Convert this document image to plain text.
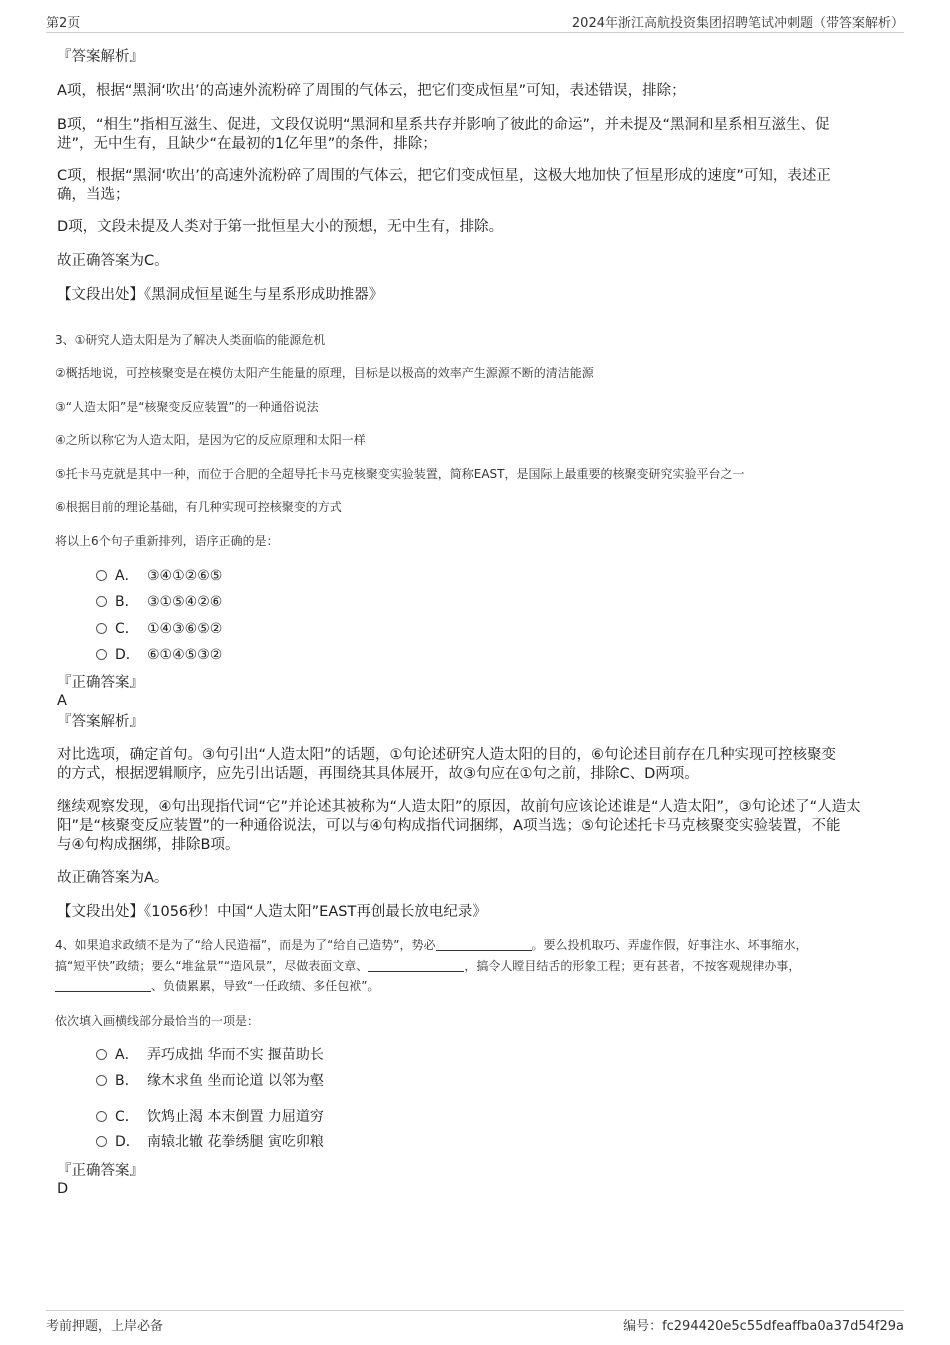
第2页	2024年浙江高航投资集团招聘笔试冲刺题（带答案解析）
『答案解析』
A项，根据“黑洞‘吹出’的高速外流粉碎了周围的气体云，把它们变成恒星”可知，表述错误，排除；
B项，“相生”指相互滋生、促进，文段仅说明“黑洞和星系共存并影响了彼此的命运”，并未提及“黑洞和星系相互滋生、促
进”，无中生有，且缺少“在最初的1亿年里”的条件，排除；
C项，根据“黑洞‘吹出’的高速外流粉碎了周围的气体云，把它们变成恒星，这极大地加快了恒星形成的速度”可知，表述正
确，当选；
D项，文段未提及人类对于第一批恒星大小的预想，无中生有，排除。
故正确答案为C。
【文段出处】《黑洞成恒星诞生与星系形成助推器》
3、①研究人造太阳是为了解决人类面临的能源危机
②概括地说，可控核聚变是在模仿太阳产生能量的原理，目标是以极高的效率产生源源不断的清洁能源
③“人造太阳”是“核聚变反应装置”的一种通俗说法
④之所以称它为人造太阳，是因为它的反应原理和太阳一样
⑤托卡马克就是其中一种，而位于合肥的全超导托卡马克核聚变实验装置，简称EAST，是国际上最重要的核聚变研究实验平台之一
⑥根据目前的理论基础，有几种实现可控核聚变的方式
将以上6个句子重新排列，语序正确的是：
A． ③④①②⑥⑤
B． ③①⑤④②⑥
C． ①④③⑥⑤②
D． ⑥①④⑤③②
『正确答案』
A
『答案解析』
对比选项，确定首句。③句引出“人造太阳”的话题，①句论述研究人造太阳的目的，⑥句论述目前存在几种实现可控核聚变
的方式，根据逻辑顺序，应先引出话题，再围绕其具体展开，故③句应在①句之前，排除C、D两项。
继续观察发现，④句出现指代词“它”并论述其被称为“人造太阳”的原因，故前句应该论述谁是“人造太阳”，③句论述了“人造太
阳”是“核聚变反应装置”的一种通俗说法，可以与④句构成指代词捆绑，A项当选；⑤句论述托卡马克核聚变实验装置，不能
与④句构成捆绑，排除B项。
故正确答案为A。
【文段出处】《1056秒！中国“人造太阳”EAST再创最长放电纪录》
4、如果追求政绩不是为了“给人民造福”，而是为了“给自己造势”，势必	。要么投机取巧、弄虚作假，好事注水、坏事缩水，
搞“短平快”政绩；要么“堆盆景”“造风景”，尽做表面文章、	，搞令人瞠目结舌的形象工程；更有甚者，不按客观规律办事，
、负债累累，导致“一任政绩、多任包袱”。
依次填入画横线部分最恰当的一项是：
A． 弄巧成拙 华而不实 揠苗助长
B． 缘木求鱼 坐而论道 以邻为壑
C． 饮鸩止渴 本末倒置 力屈道穷
D． 南辕北辙 花拳绣腿 寅吃卯粮
『正确答案』
D
考前押题，上岸必备	编号：fc294420e5c55dfeaffba0a37d54f29a
